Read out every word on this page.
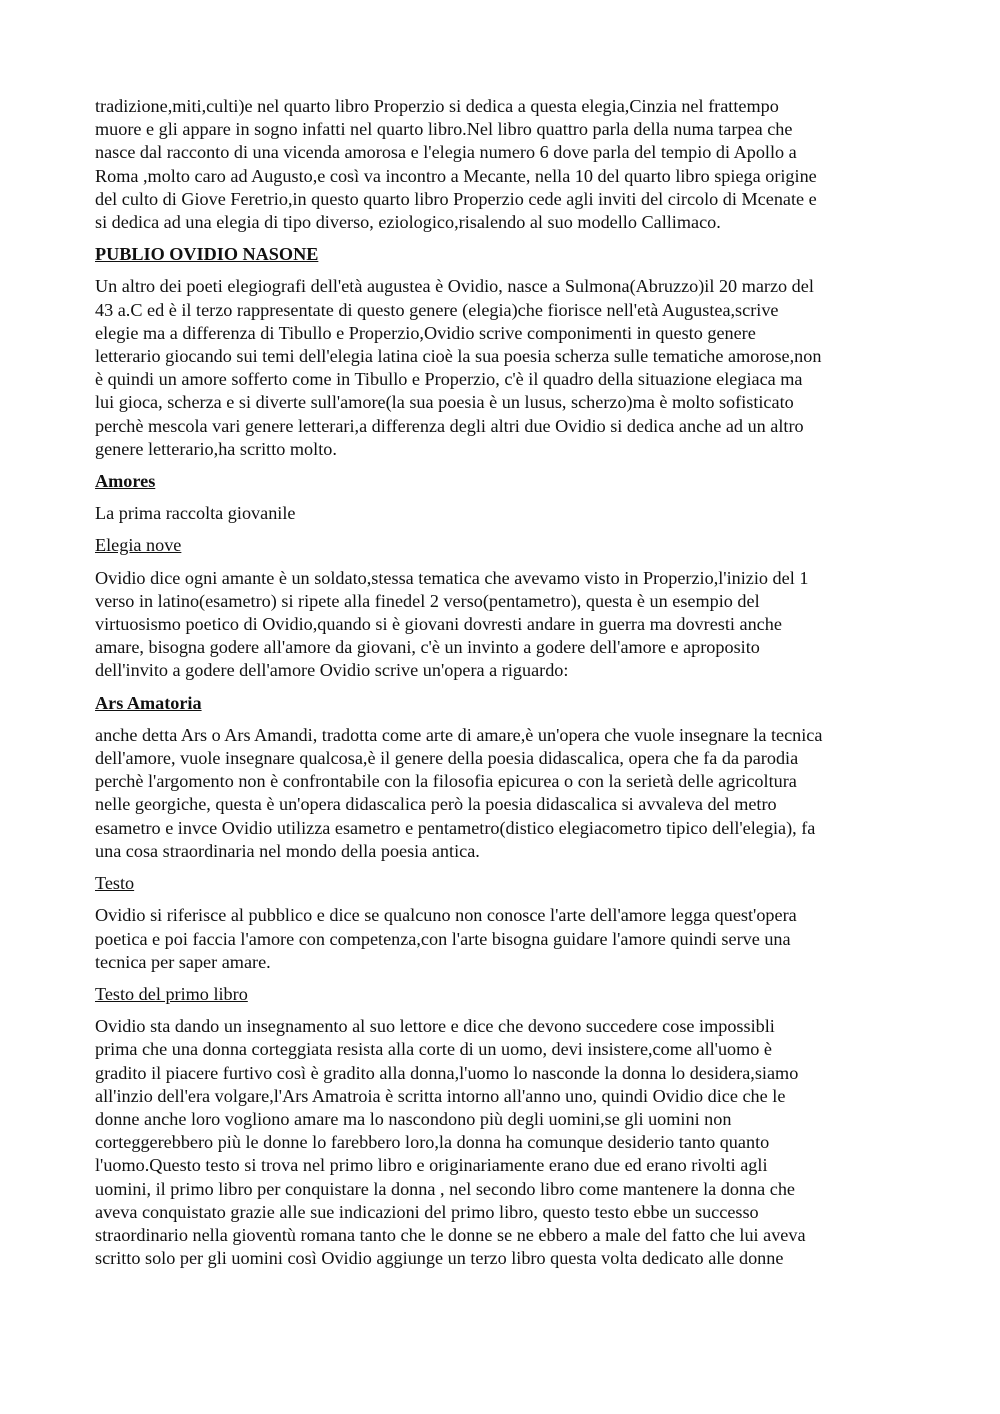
tradizione,miti,culti)e nel quarto libro Properzio si dedica a questa elegia,Cinzia nel frattempo
muore e gli appare in sogno infatti nel quarto libro.Nel libro quattro parla della numa tarpea che
nasce dal racconto di una vicenda amorosa e l'elegia numero 6 dove parla del tempio di Apollo a
Roma ,molto caro ad Augusto,e così va incontro a Mecante, nella 10 del quarto libro spiega origine
del culto di Giove Feretrio,in questo quarto libro Properzio cede agli inviti del circolo di Mcenate e
si dedica ad una elegia di tipo diverso, eziologico,risalendo al suo modello Callimaco.
PUBLIO OVIDIO NASONE
Un altro dei poeti elegiografi dell'età augustea è Ovidio, nasce a Sulmona(Abruzzo)il 20 marzo del
43 a.C ed è il terzo rappresentate di questo genere (elegia)che fiorisce nell'età Augustea,scrive
elegie ma a differenza di Tibullo e Properzio,Ovidio scrive componimenti in questo genere
letterario giocando sui temi dell'elegia latina cioè la sua poesia scherza sulle tematiche amorose,non
è quindi un amore sofferto come in Tibullo e Properzio, c'è il quadro della situazione elegiaca ma
lui gioca, scherza e si diverte sull'amore(la sua poesia è un lusus, scherzo)ma è molto sofisticato
perchè mescola vari genere letterari,a differenza degli altri due Ovidio si dedica anche ad un altro
genere letterario,ha scritto molto.
Amores
La prima raccolta giovanile
Elegia nove
Ovidio dice ogni amante è un soldato,stessa tematica che avevamo visto in Properzio,l'inizio del 1
verso in latino(esametro) si ripete alla finedel 2 verso(pentametro), questa è un esempio del
virtuosismo poetico di Ovidio,quando si è giovani dovresti andare in guerra ma dovresti anche
amare, bisogna godere all'amore da giovani, c'è un invinto a godere dell'amore e aproposito
dell'invito a godere dell'amore Ovidio scrive un'opera a riguardo:
Ars Amatoria
anche detta Ars o Ars Amandi, tradotta come arte di amare,è un'opera che vuole insegnare la tecnica
dell'amore, vuole insegnare qualcosa,è il genere della poesia didascalica, opera che fa da parodia
perchè l'argomento non è confrontabile con la filosofia epicurea o con la serietà delle agricoltura
nelle georgiche, questa è un'opera didascalica però la poesia didascalica si avvaleva del metro
esametro e invce Ovidio utilizza esametro e pentametro(distico elegiacometro tipico dell'elegia), fa
una cosa straordinaria nel mondo della poesia antica.
Testo
Ovidio si riferisce al pubblico e dice se qualcuno non conosce l'arte dell'amore legga quest'opera
poetica e poi faccia l'amore con competenza,con l'arte bisogna guidare l'amore quindi serve una
tecnica per saper amare.
Testo del primo libro
Ovidio sta dando un insegnamento al suo lettore e dice che devono succedere cose impossibli
prima che una donna corteggiata resista alla corte di un uomo, devi insistere,come all'uomo è
gradito il piacere furtivo così è gradito alla donna,l'uomo lo nasconde la donna lo desidera,siamo
all'inzio dell'era volgare,l'Ars Amatroia è scritta intorno all'anno uno, quindi Ovidio dice che le
donne anche loro vogliono amare ma lo nascondono più degli uomini,se gli uomini non
corteggerebbero più le donne lo farebbero loro,la donna ha comunque desiderio tanto quanto
l'uomo.Questo testo si trova nel primo libro e originariamente erano due ed erano rivolti agli
uomini, il primo libro per conquistare la donna , nel secondo libro come mantenere la donna che
aveva conquistato grazie alle sue indicazioni del primo libro, questo testo ebbe un successo
straordinario nella gioventù romana tanto che le donne se ne ebbero a male del fatto che lui aveva
scritto solo per gli uomini così Ovidio aggiunge un terzo libro questa volta dedicato alle donne
